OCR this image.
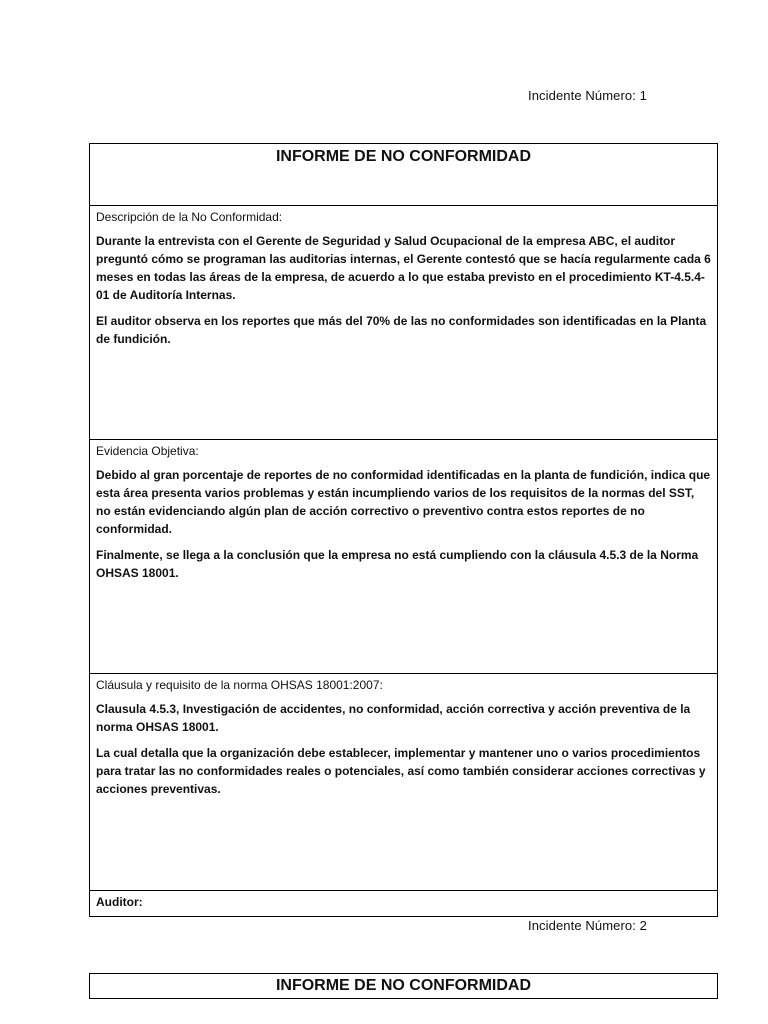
Incidente Número: 1
INFORME DE NO CONFORMIDAD
Descripción de la No Conformidad:
Durante la entrevista con el Gerente de Seguridad y Salud Ocupacional de la empresa ABC, el auditor preguntó cómo se programan las auditorias internas, el Gerente contestó que se hacía regularmente cada 6 meses en todas las áreas de la empresa, de acuerdo a lo que estaba previsto en el procedimiento KT-4.5.4-01 de Auditoría Internas.
El auditor observa en los reportes que más del 70% de las no conformidades son identificadas en la Planta de fundición.
Evidencia Objetiva:
Debido al gran porcentaje de reportes de no conformidad identificadas en la planta de fundición, indica que esta área presenta varios problemas y están incumpliendo varios de los requisitos de la normas del SST, no están evidenciando algún plan de acción correctivo o preventivo contra estos reportes de no conformidad.
Finalmente, se llega a la conclusión que la empresa no está cumpliendo con la cláusula 4.5.3 de la Norma OHSAS 18001.
Cláusula y requisito de la norma OHSAS 18001:2007:
Clausula 4.5.3, Investigación de accidentes, no conformidad, acción correctiva y acción preventiva de la norma OHSAS 18001.
La cual detalla que la organización debe establecer, implementar y mantener uno o varios procedimientos para tratar las no conformidades reales o potenciales, así como también considerar acciones correctivas y acciones preventivas.
Auditor:
Incidente Número: 2
INFORME DE NO CONFORMIDAD
